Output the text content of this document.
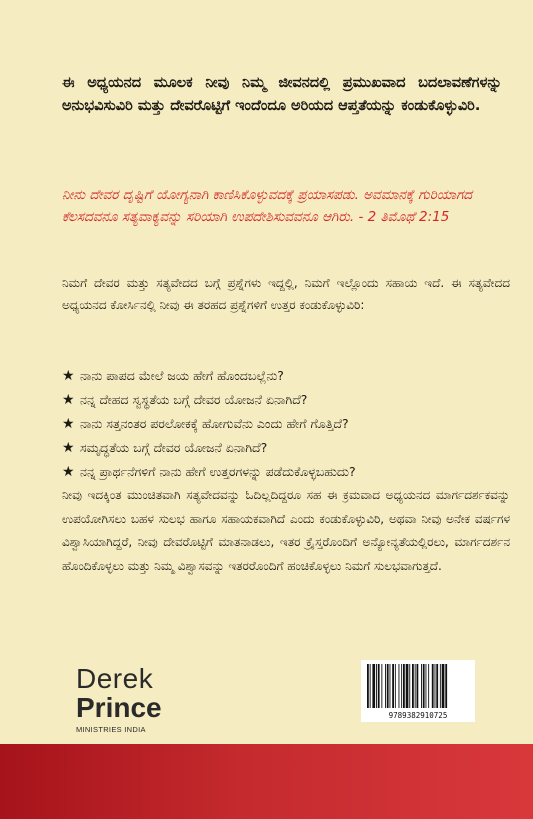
ಈ ಅಧ್ಯಯನದ ಮೂಲಕ ನೀವು ನಿಮ್ಮ ಜೀವನದಲ್ಲಿ ಪ್ರಮುಖವಾದ ಬದಲಾವಣೆಗಳನ್ನು ಅನುಭವಿಸುವಿರಿ ಮತ್ತು ದೇವರೊಟ್ಟಿಗೆ ಇಂದೆಂದೂ ಅರಿಯದ ಆಪ್ತತೆಯನ್ನು ಕಂಡುಕೊಳ್ಳುವಿರಿ.
ನೀನು ದೇವರ ದೃಷ್ಟಿಗೆ ಯೋಗ್ಯನಾಗಿ ಕಾಣಿಸಿಕೊಳ್ಳುವದಕ್ಕೆ ಪ್ರಯಾಸಪಡು. ಅವಮಾನಕ್ಕೆ ಗುರಿಯಾಗದ ಕೆಲಸದವನೂ ಸತ್ಯವಾಕ್ಯವನ್ನು ಸರಿಯಾಗಿ ಉಪದೇಶಿಸುವವನೂ ಆಗಿರು. - 2 ತಿಮೊಥೆ 2:15
ನಿಮಗೆ ದೇವರ ಮತ್ತು ಸತ್ಯವೇದದ ಬಗ್ಗೆ ಪ್ರಶ್ನೆಗಳು ಇದ್ದಲ್ಲಿ, ನಿಮಗೆ ಇಲ್ಲೊಂದು ಸಹಾಯ ಇದೆ. ಈ ಸತ್ಯವೇದದ ಅಧ್ಯಯನದ ಕೋರ್ಸಿನಲ್ಲಿ ನೀವು ಈ ತರಹದ ಪ್ರಶ್ನೆಗಳಿಗೆ ಉತ್ತರ ಕಂಡುಕೊಳ್ಳುವಿರಿ:
★ ನಾನು ಪಾಪದ ಮೇಲೆ ಜಯ ಹೇಗೆ ಹೊಂದಬಲ್ಲೆನು?
★ ನನ್ನ ದೇಹದ ಸ್ವಸ್ಥತೆಯ ಬಗ್ಗೆ ದೇವರ ಯೋಜನೆ ಏನಾಗಿದೆ?
★ ನಾನು ಸತ್ತನಂತರ ಪರಲೋಕಕ್ಕೆ ಹೋಗುವೆನು ಎಂದು ಹೇಗೆ ಗೊತ್ತಿದೆ?
★ ಸಮೃದ್ಧತೆಯ ಬಗ್ಗೆ ದೇವರ ಯೋಜನೆ ಏನಾಗಿದೆ?
★ ನನ್ನ ಪ್ರಾರ್ಥನೆಗಳಿಗೆ ನಾನು ಹೇಗೆ ಉತ್ತರಗಳನ್ನು ಪಡೆದುಕೊಳ್ಳಬಹುದು?
ನೀವು ಇದಕ್ಕಿಂತ ಮುಂಚಿತವಾಗಿ ಸತ್ಯವೇದವನ್ನು ಓದಿಲ್ಲದಿದ್ದರೂ ಸಹ ಈ ಕ್ರಮವಾದ ಅಧ್ಯಯನದ ಮಾರ್ಗದರ್ಶಕವನ್ನು ಉಪಯೋಗಿಸಲು ಬಹಳ ಸುಲಭ ಹಾಗೂ ಸಹಾಯಕವಾಗಿದೆ ಎಂದು ಕಂಡುಕೊಳ್ಳುವಿರಿ, ಅಥವಾ ನೀವು ಅನೇಕ ವರ್ಷಗಳ ವಿಶ್ವಾಸಿಯಾಗಿದ್ದರೆ, ನೀವು ದೇವರೊಟ್ಟಿಗೆ ಮಾತನಾಡಲು, ಇತರ ಕ್ರೈಸ್ತರೊಂದಿಗೆ ಅನ್ಯೋನ್ಯತೆಯಲ್ಲಿರಲು, ಮಾರ್ಗದರ್ಶನ ಹೊಂದಿಕೊಳ್ಳಲು ಮತ್ತು ನಿಮ್ಮ ವಿಶ್ವಾಸವನ್ನು ಇತರರೊಂದಿಗೆ ಹಂಚಿಕೊಳ್ಳಲು ನಿಮಗೆ ಸುಲಭವಾಗುತ್ತದೆ.
Derek
Prince
MINISTRIES INDIA
9789382910725
